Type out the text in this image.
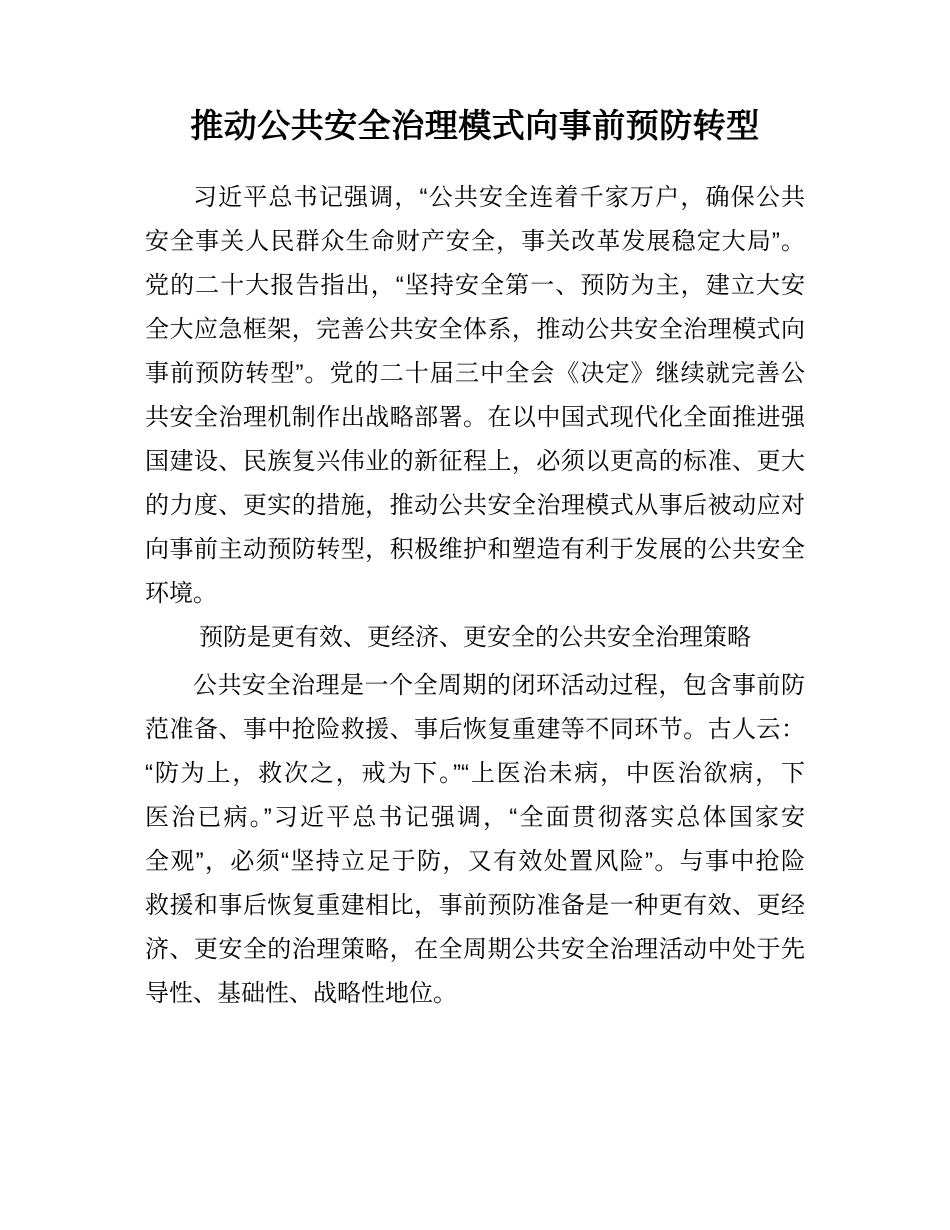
推动公共安全治理模式向事前预防转型
习近平总书记强调，“公共安全连着千家万户，确保公共
安全事关人民群众生命财产安全，事关改革发展稳定大局”。
党的二十大报告指出，“坚持安全第一、预防为主，建立大安
全大应急框架，完善公共安全体系，推动公共安全治理模式向
事前预防转型”。党的二十届三中全会《决定》继续就完善公
共安全治理机制作出战略部署。在以中国式现代化全面推进强
国建设、民族复兴伟业的新征程上，必须以更高的标准、更大
的力度、更实的措施，推动公共安全治理模式从事后被动应对
向事前主动预防转型，积极维护和塑造有利于发展的公共安全
环境。
预防是更有效、更经济、更安全的公共安全治理策略
公共安全治理是一个全周期的闭环活动过程，包含事前防
范准备、事中抢险救援、事后恢复重建等不同环节。古人云：
“防为上，救次之，戒为下。”“上医治未病，中医治欲病，下
医治已病。”习近平总书记强调，“全面贯彻落实总体国家安
全观”，必须“坚持立足于防，又有效处置风险”。与事中抢险
救援和事后恢复重建相比，事前预防准备是一种更有效、更经
济、更安全的治理策略，在全周期公共安全治理活动中处于先
导性、基础性、战略性地位。
